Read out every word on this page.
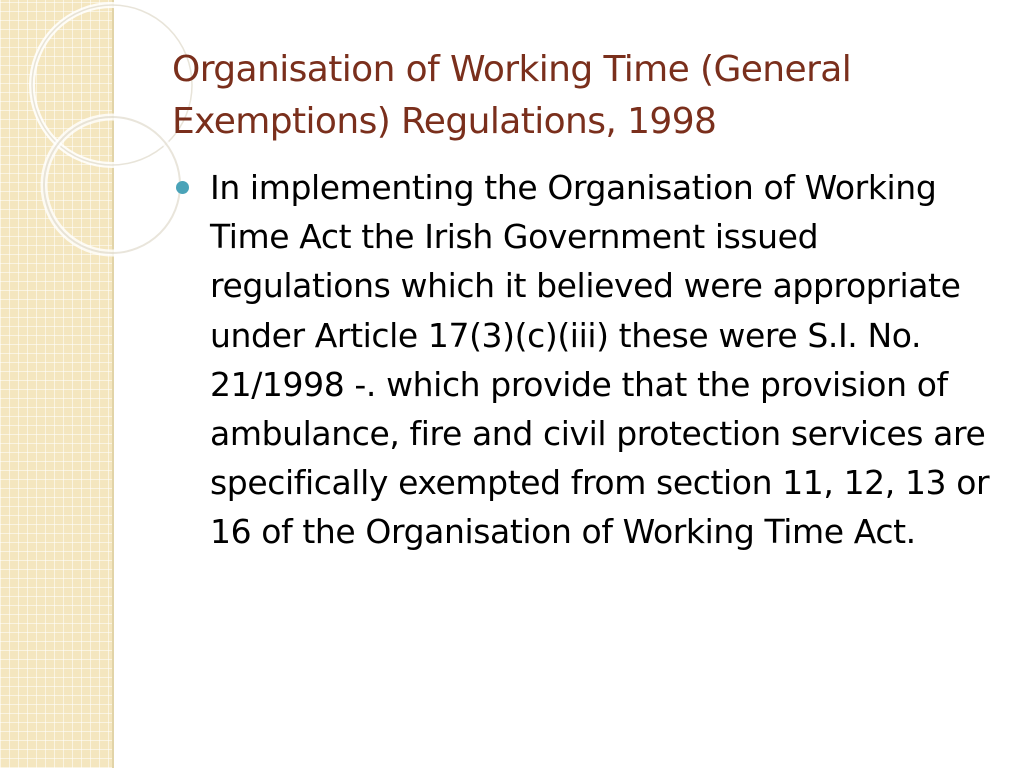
Organisation of Working Time (General Exemptions) Regulations, 1998
In implementing the Organisation of Working Time Act the Irish Government issued regulations which it believed were appropriate under Article 17(3)(c)(iii) these were S.I. No. 21/1998 -. which provide that the provision of ambulance, fire and civil protection services are specifically exempted from section 11, 12, 13 or 16 of the Organisation of Working Time Act.
